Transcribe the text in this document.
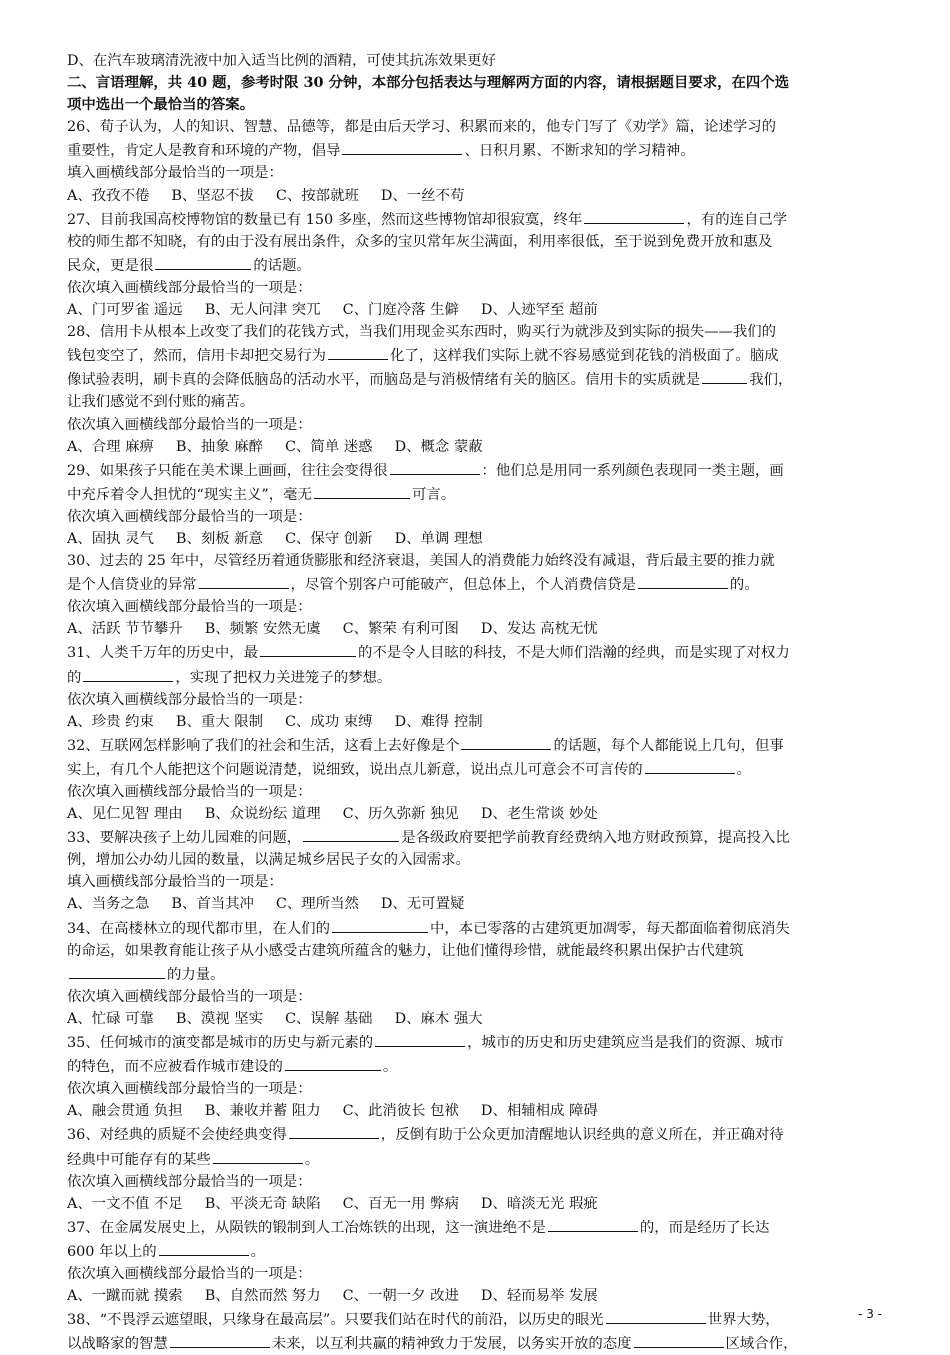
D、在汽车玻璃清洗液中加入适当比例的酒精，可使其抗冻效果更好
二、言语理解，共 40 题，参考时限 30 分钟，本部分包括表达与理解两方面的内容，请根据题目要求，在四个选
项中选出一个最恰当的答案。
26、荀子认为，人的知识、智慧、品德等，都是由后天学习、积累而来的，他专门写了《劝学》篇，论述学习的
重要性，肯定人是教育和环境的产物，倡导	、日积月累、不断求知的学习精神。
填入画横线部分最恰当的一项是：
A、孜孜不倦 B、坚忍不拔 C、按部就班 D、一丝不苟
27、目前我国高校博物馆的数量已有 150 多座，然而这些博物馆却很寂寞，终年	，有的连自己学
校的师生都不知晓，有的由于没有展出条件，众多的宝贝常年灰尘满面，利用率很低，至于说到免费开放和惠及
民众，更是很	的话题。
依次填入画横线部分最恰当的一项是：
A、门可罗雀 遥远 B、无人问津 突兀 C、门庭冷落 生僻 D、人迹罕至 超前
28、信用卡从根本上改变了我们的花钱方式，当我们用现金买东西时，购买行为就涉及到实际的损失——我们的
钱包变空了，然而，信用卡却把交易行为	化了，这样我们实际上就不容易感觉到花钱的消极面了。脑成
像试验表明，刷卡真的会降低脑岛的活动水平，而脑岛是与消极情绪有关的脑区。信用卡的实质就是	我们，
让我们感觉不到付账的痛苦。
依次填入画横线部分最恰当的一项是：
A、合理 麻痹 B、抽象 麻醉 C、简单 迷惑 D、概念 蒙蔽
29、如果孩子只能在美术课上画画，往往会变得很	：他们总是用同一系列颜色表现同一类主题，画
中充斥着令人担忧的“现实主义”，毫无	可言。
依次填入画横线部分最恰当的一项是：
A、固执 灵气 B、刻板 新意 C、保守 创新 D、单调 理想
30、过去的 25 年中，尽管经历着通货膨胀和经济衰退，美国人的消费能力始终没有减退，背后最主要的推力就
是个人信贷业的异常	，尽管个别客户可能破产，但总体上，个人消费信贷是	的。
依次填入画横线部分最恰当的一项是：
A、活跃 节节攀升 B、频繁 安然无虞 C、繁荣 有利可图 D、发达 高枕无忧
31、人类千万年的历史中，最	的不是令人目眩的科技，不是大师们浩瀚的经典，而是实现了对权力
的	，实现了把权力关进笼子的梦想。
依次填入画横线部分最恰当的一项是：
A、珍贵 约束 B、重大 限制 C、成功 束缚 D、难得 控制
32、互联网怎样影响了我们的社会和生活，这看上去好像是个	的话题，每个人都能说上几句，但事
实上，有几个人能把这个问题说清楚，说细致，说出点儿新意，说出点儿可意会不可言传的	。
依次填入画横线部分最恰当的一项是：
A、见仁见智 理由 B、众说纷纭 道理 C、历久弥新 独见 D、老生常谈 妙处
33、要解决孩子上幼儿园难的问题，	是各级政府要把学前教育经费纳入地方财政预算，提高投入比
例，增加公办幼儿园的数量，以满足城乡居民子女的入园需求。
填入画横线部分最恰当的一项是：
A、当务之急 B、首当其冲 C、理所当然 D、无可置疑
34、在高楼林立的现代都市里，在人们的	中，本已零落的古建筑更加凋零，每天都面临着彻底消失
的命运，如果教育能让孩子从小感受古建筑所蕴含的魅力，让他们懂得珍惜，就能最终积累出保护古代建筑
的力量。
依次填入画横线部分最恰当的一项是：
A、忙碌 可靠 B、漠视 坚实 C、误解 基础 D、麻木 强大
35、任何城市的演变都是城市的历史与新元素的	，城市的历史和历史建筑应当是我们的资源、城市
的特色，而不应被看作城市建设的	。
依次填入画横线部分最恰当的一项是：
A、融会贯通 负担 B、兼收并蓄 阻力 C、此消彼长 包袱 D、相辅相成 障碍
36、对经典的质疑不会使经典变得	，反倒有助于公众更加清醒地认识经典的意义所在，并正确对待
经典中可能存有的某些	。
依次填入画横线部分最恰当的一项是：
A、一文不值 不足 B、平淡无奇 缺陷 C、百无一用 弊病 D、暗淡无光 瑕疵
37、在金属发展史上，从陨铁的锻制到人工冶炼铁的出现，这一演进绝不是	的，而是经历了长达
600 年以上的	。
依次填入画横线部分最恰当的一项是：
A、一蹴而就 摸索 B、自然而然 努力 C、一朝一夕 改进 D、轻而易举 发展
38、“不畏浮云遮望眼，只缘身在最高层”。只要我们站在时代的前沿，以历史的眼光	世界大势，
以战略家的智慧	未来，以互利共赢的精神致力于发展，以务实开放的态度	区域合作，
- 3 -
